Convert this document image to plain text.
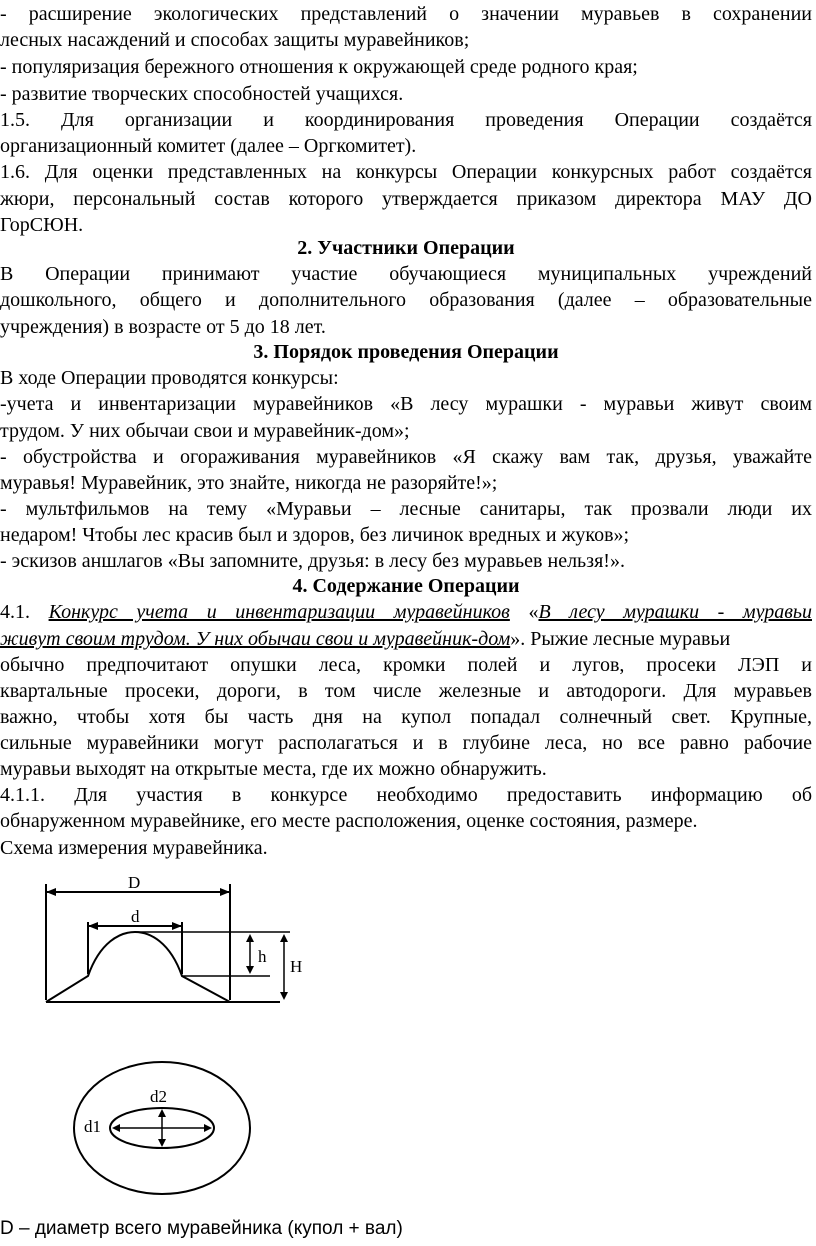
- расширение экологических представлений о значении муравьев в сохранении
лесных насаждений и способах защиты муравейников;
- популяризация бережного отношения к окружающей среде родного края;
- развитие творческих способностей учащихся.
1.5. Для организации и координирования проведения Операции создаётся
организационный комитет (далее – Оргкомитет).
1.6. Для оценки представленных на конкурсы Операции конкурсных работ создаётся
жюри, персональный состав которого утверждается приказом директора МАУ ДО
ГорСЮН.
2. Участники Операции
В Операции принимают участие обучающиеся муниципальных учреждений
дошкольного, общего и дополнительного образования (далее – образовательные
учреждения) в возрасте от 5 до 18 лет.
3. Порядок проведения Операции
В ходе Операции проводятся конкурсы:
-учета и инвентаризации муравейников «В лесу мурашки - муравьи живут своим
трудом. У них обычаи свои и муравейник-дом»;
- обустройства и огораживания муравейников «Я скажу вам так, друзья, уважайте
муравья! Муравейник, это знайте, никогда не разоряйте!»;
- мультфильмов на тему «Муравьи – лесные санитары, так прозвали люди их
недаром! Чтобы лес красив был и здоров, без личинок вредных и жуков»;
- эскизов аншлагов «Вы запомните, друзья: в лесу без муравьев нельзя!».
4. Содержание Операции
4.1. Конкурс учета и инвентаризации муравейников «В лесу мурашки - муравьи
живут своим трудом. У них обычаи свои и муравейник-дом». Рыжие лесные муравьи
обычно предпочитают опушки леса, кромки полей и лугов, просеки ЛЭП и
квартальные просеки, дороги, в том числе железные и автодороги. Для муравьев
важно, чтобы хотя бы часть дня на купол попадал солнечный свет. Крупные,
сильные муравейники могут располагаться и в глубине леса, но все равно рабочие
муравьи выходят на открытые места, где их можно обнаружить.
4.1.1. Для участия в конкурсе необходимо предоставить информацию об
обнаруженном муравейнике, его месте расположения, оценке состояния, размере.
Схема измерения муравейника.
D
d
h
H
d1
d2
D – диаметр всего муравейника (купол + вал)
